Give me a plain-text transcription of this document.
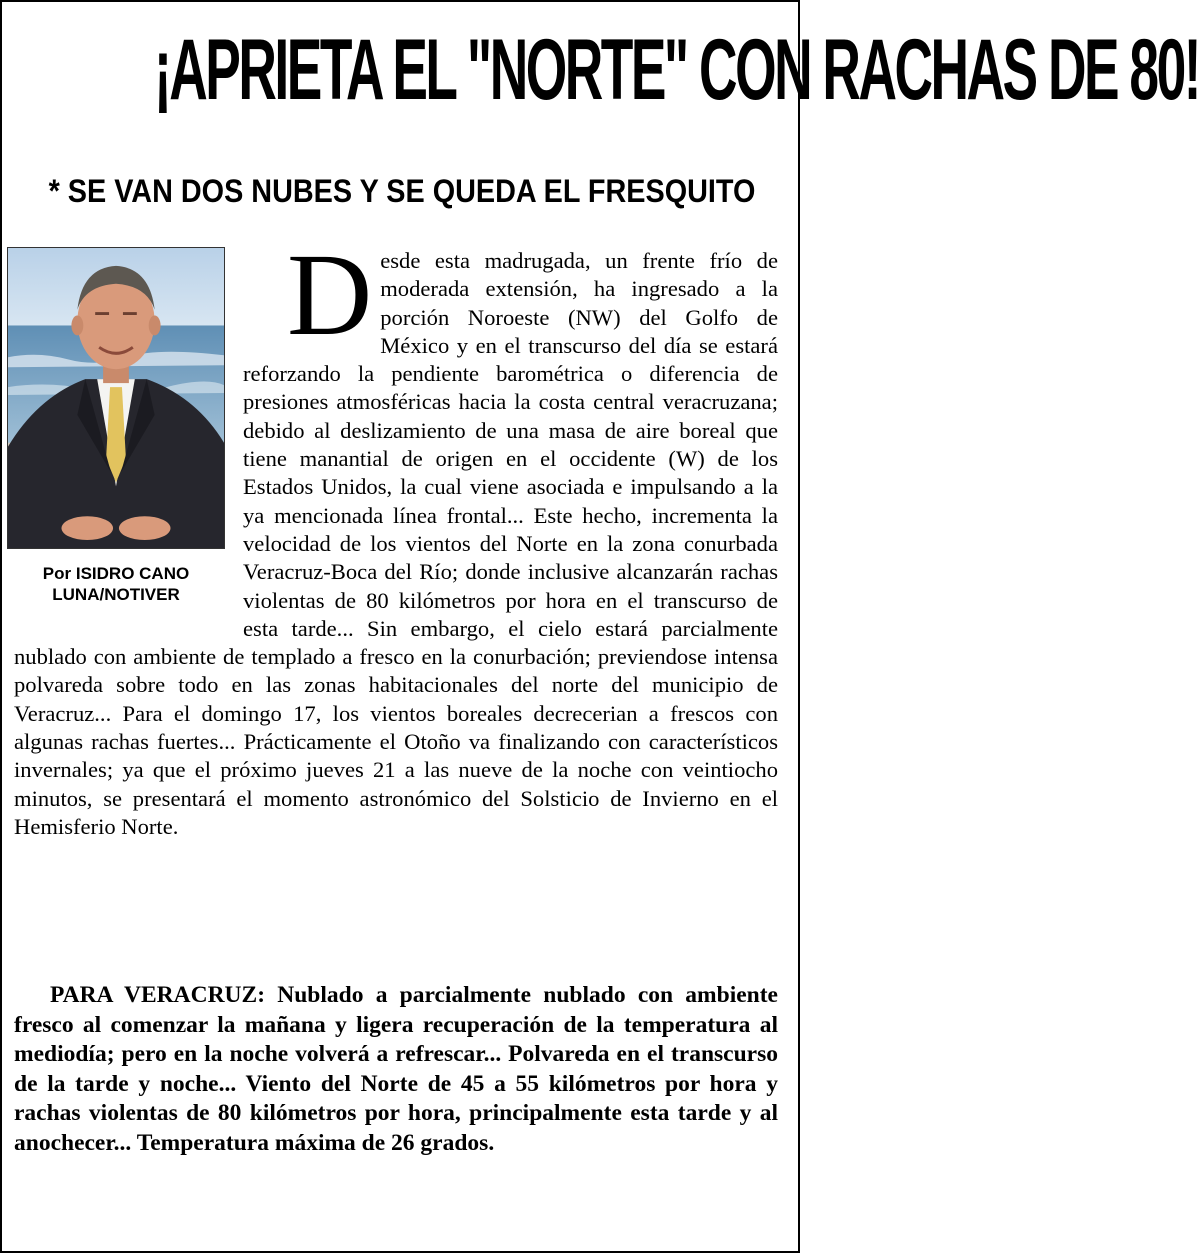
¡APRIETA EL "NORTE" CON RACHAS DE 80!
* SE VAN DOS NUBES Y SE QUEDA EL FRESQUITO
Por ISIDRO CANO
LUNA/NOTIVER

D esde esta madrugada, un frente frío de moderada extensión, ha ingresado a la porción Noroeste (NW) del Golfo de México y en el transcurso del día se estará reforzando la pendiente barométrica o diferencia de presiones atmosféricas hacia la costa central veracruzana; debido al deslizamiento de una masa de aire boreal que tiene manantial de origen en el occidente (W) de los Estados Unidos, la cual viene asociada e impulsando a la ya mencionada línea frontal... Este hecho, incrementa la velocidad de los vientos del Norte en la zona conurbada Veracruz-Boca del Río; donde inclusive alcanzarán rachas violentas de 80 kilómetros por hora en el transcurso de esta tarde... Sin embargo, el cielo estará parcialmente nublado con ambiente de templado a fresco en la conurbación; previendose intensa polvareda sobre todo en las zonas habitacionales del norte del municipio de Veracruz... Para el domingo 17, los vientos boreales decrecerian a frescos con algunas rachas fuertes... Prácticamente el Otoño va finalizando con característicos invernales; ya que el próximo jueves 21 a las nueve de la noche con veintiocho minutos, se presentará el momento astronómico del Solsticio de Invierno en el Hemisferio Norte.

PARA VERACRUZ: Nublado a parcialmente nublado con ambiente fresco al comenzar la mañana y ligera recuperación de la temperatura al mediodía; pero en la noche volverá a refrescar... Polvareda en el transcurso de la tarde y noche... Viento del Norte de 45 a 55 kilómetros por hora y rachas violentas de 80 kilómetros por hora, principalmente esta tarde y al anochecer... Temperatura máxima de 26 grados.
